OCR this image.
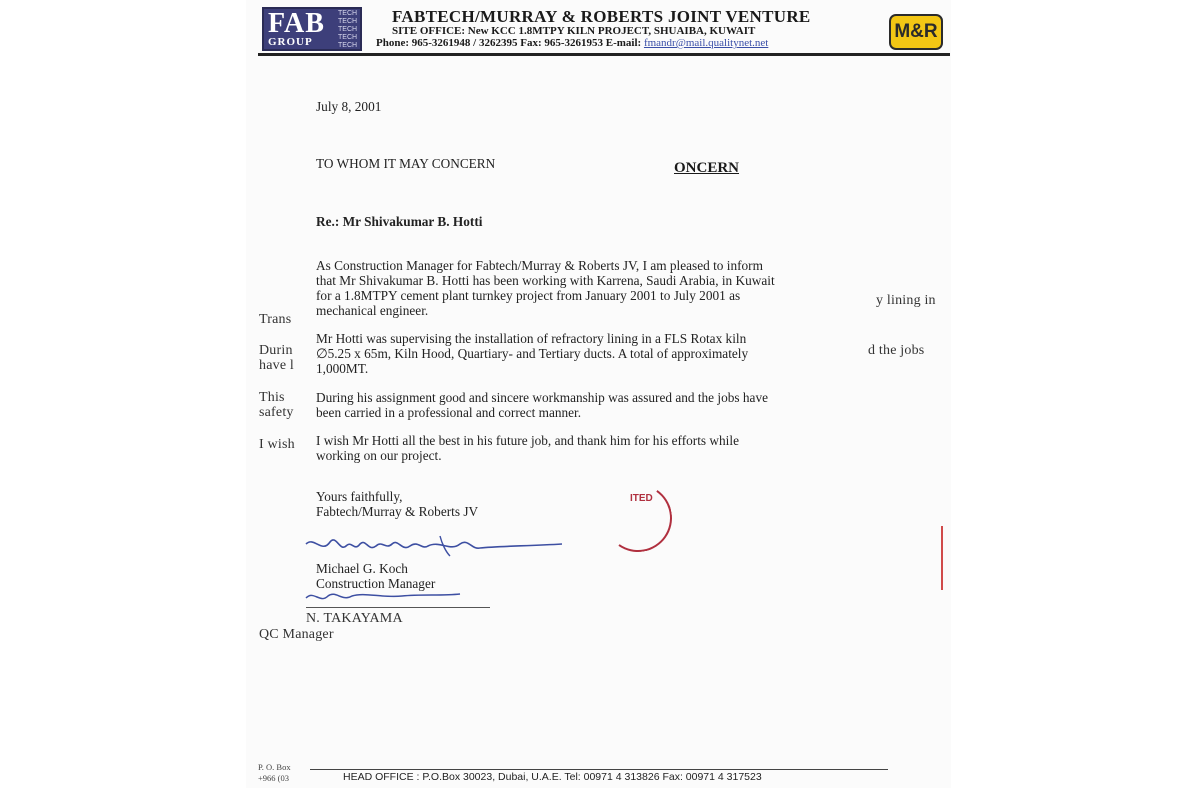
FAB
GROUP
TECH
TECH
TECH
TECH
TECH
FABTECH/MURRAY & ROBERTS JOINT VENTURE
SITE OFFICE: New KCC 1.8MTPY KILN PROJECT, SHUAIBA, KUWAIT
Phone: 965-3261948 / 3262395 Fax: 965-3261953 E-mail: fmandr@mail.qualitynet.net
M&R
y lining in
Trans
Durin	d the jobs
have l
This
safety
I wish
July 8, 2001
TO WHOM IT MAY CONCERN	ONCERN
Re.: Mr Shivakumar B. Hotti
As Construction Manager for Fabtech/Murray & Roberts JV, I am pleased to inform
that Mr Shivakumar B. Hotti has been working with Karrena, Saudi Arabia, in Kuwait
for a 1.8MTPY cement plant turnkey project from January 2001 to July 2001 as
mechanical engineer.
Mr Hotti was supervising the installation of refractory lining in a FLS Rotax kiln
∅5.25 x 65m, Kiln Hood, Quartiary- and Tertiary ducts. A total of approximately
1,000MT.
During his assignment good and sincere workmanship was assured and the jobs have
been carried in a professional and correct manner.
I wish Mr Hotti all the best in his future job, and thank him for his efforts while
working on our project.
Yours faithfully,
Fabtech/Murray & Roberts JV
ITED
Michael G. Koch
Construction Manager
N. TAKAYAMA
QC Manager
P. O. Box
+966 (03	HEAD OFFICE : P.O.Box 30023, Dubai, U.A.E. Tel: 00971 4 313826 Fax: 00971 4 317523
